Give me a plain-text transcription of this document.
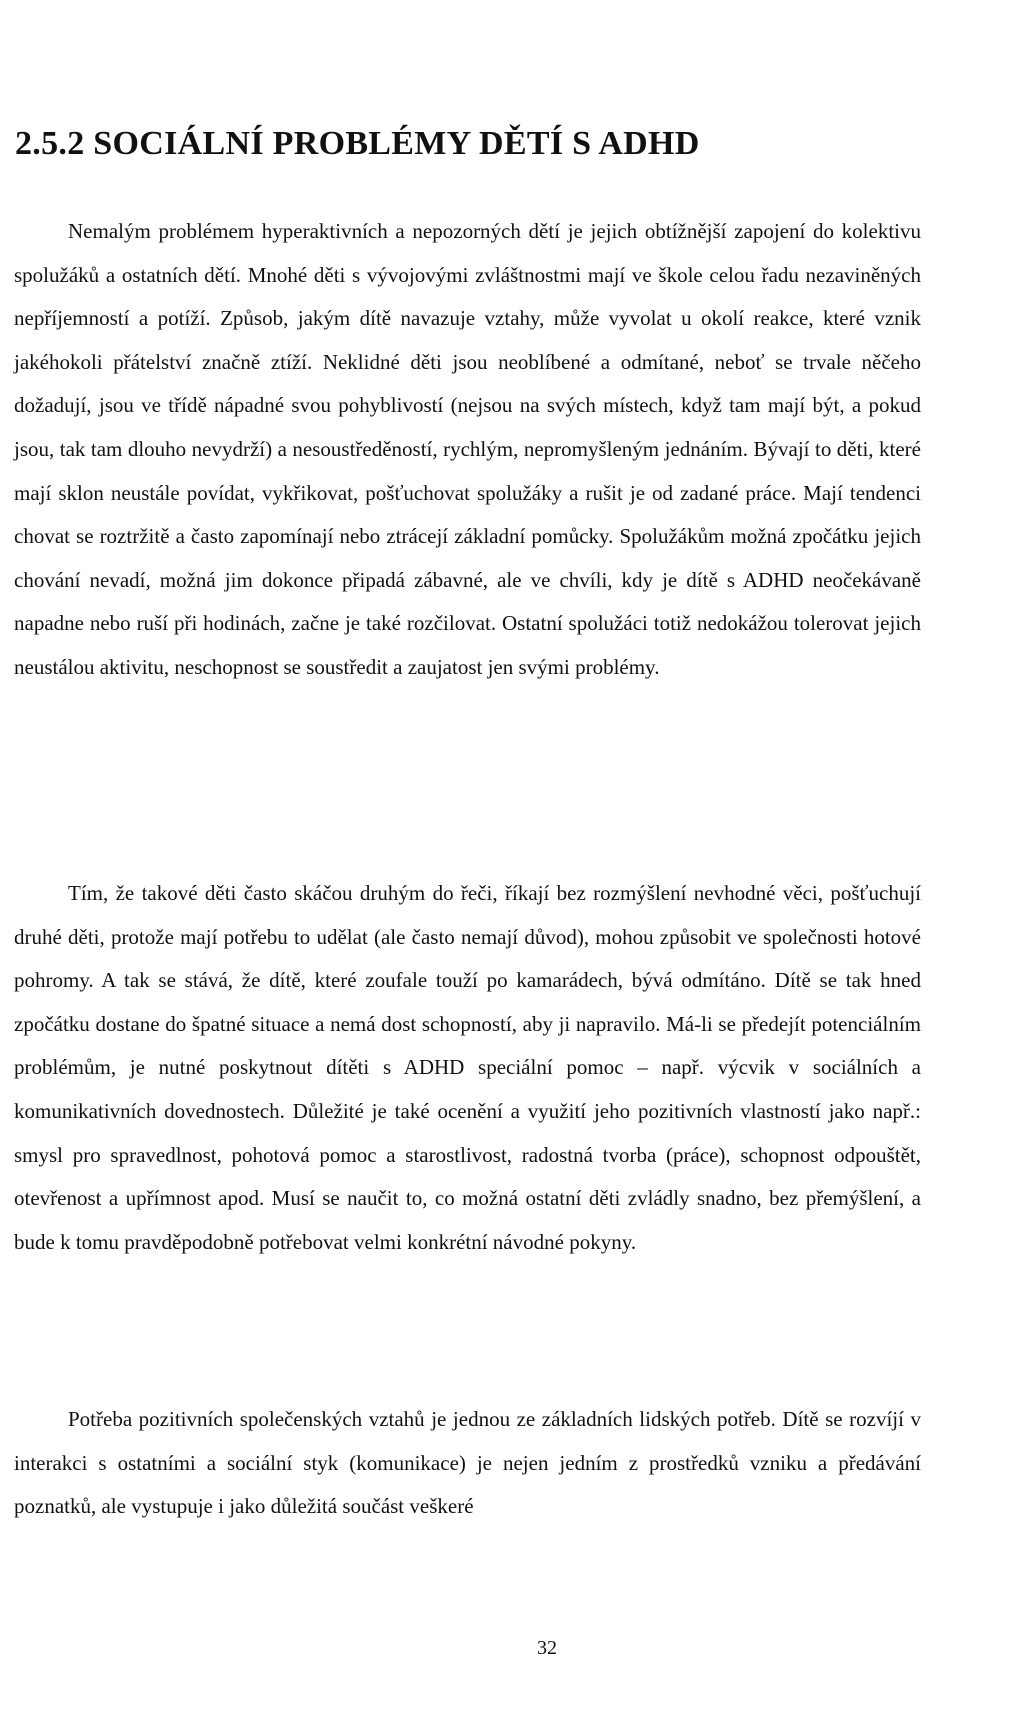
2.5.2 SOCIÁLNÍ PROBLÉMY DĚTÍ S ADHD

Nemalým problémem hyperaktivních a nepozorných dětí je jejich obtížnější zapojení do kolektivu spolužáků a ostatních dětí. Mnohé děti s vývojovými zvláštnostmi mají ve škole celou řadu nezaviněných nepříjemností a potíží. Způsob, jakým dítě navazuje vztahy, může vyvolat u okolí reakce, které vznik jakéhokoli přátelství značně ztíží. Neklidné děti jsou neoblíbené a odmítané, neboť se trvale něčeho dožadují, jsou ve třídě nápadné svou pohyblivostí (nejsou na svých místech, když tam mají být, a pokud jsou, tak tam dlouho nevydrží) a nesoustředěností, rychlým, nepromyšleným jednáním. Bývají to děti, které mají sklon neustále povídat, vykřikovat, pošťuchovat spolužáky a rušit je od zadané práce. Mají tendenci chovat se roztržitě a často zapomínají nebo ztrácejí základní pomůcky. Spolužákům možná zpočátku jejich chování nevadí, možná jim dokonce připadá zábavné, ale ve chvíli, kdy je dítě s ADHD neočekávaně napadne nebo ruší při hodinách, začne je také rozčilovat. Ostatní spolužáci totiž nedokážou tolerovat jejich neustálou aktivitu, neschopnost se soustředit a zaujatost jen svými problémy.

Tím, že takové děti často skáčou druhým do řeči, říkají bez rozmýšlení nevhodné věci, pošťuchují druhé děti, protože mají potřebu to udělat (ale často nemají důvod), mohou způsobit ve společnosti hotové pohromy. A tak se stává, že dítě, které zoufale touží po kamarádech, bývá odmítáno. Dítě se tak hned zpočátku dostane do špatné situace a nemá dost schopností, aby ji napravilo. Má-li se předejít potenciálním problémům, je nutné poskytnout dítěti s ADHD speciální pomoc – např. výcvik v sociálních a komunikativních dovednostech. Důležité je také ocenění a využití jeho pozitivních vlastností jako např.: smysl pro spravedlnost, pohotová pomoc a starostlivost, radostná tvorba (práce), schopnost odpouštět, otevřenost a upřímnost apod. Musí se naučit to, co možná ostatní děti zvládly snadno, bez přemýšlení, a bude k tomu pravděpodobně potřebovat velmi konkrétní návodné pokyny.

Potřeba pozitivních společenských vztahů je jednou ze základních lidských potřeb. Dítě se rozvíjí v interakci s ostatními a sociální styk (komunikace) je nejen jedním z prostředků vzniku a předávání poznatků, ale vystupuje i jako důležitá součást veškeré

32
